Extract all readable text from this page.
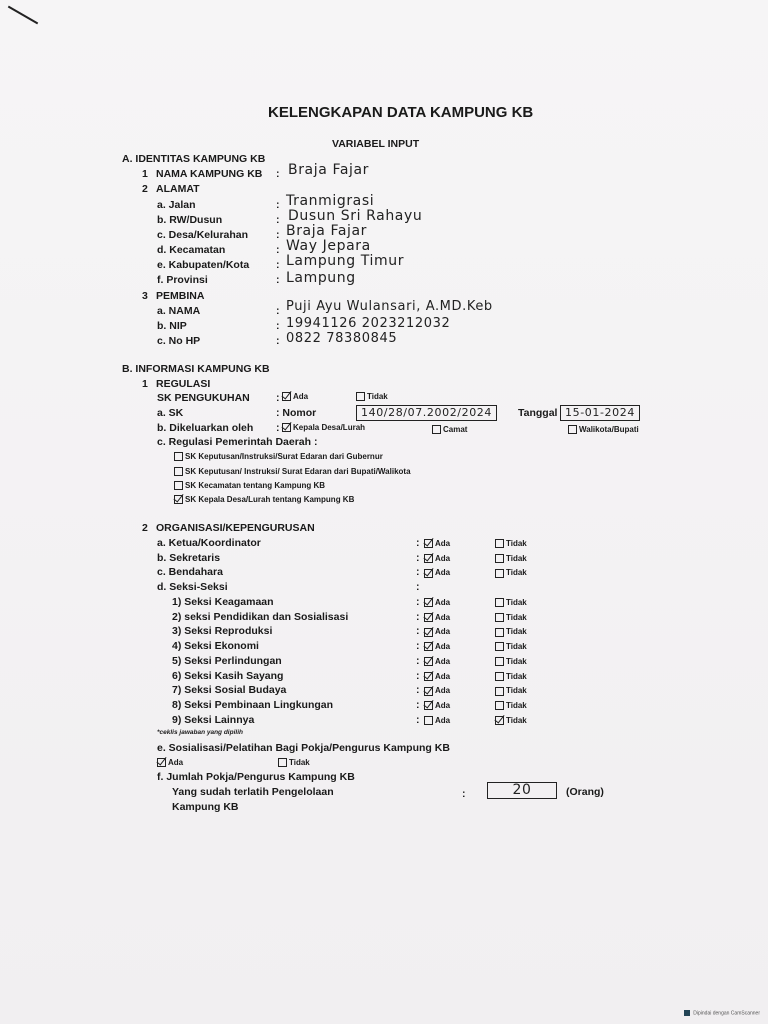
KELENGKAPAN DATA KAMPUNG KB
VARIABEL INPUT
A. IDENTITAS KAMPUNG KB
1 NAMA KAMPUNG KB : Braja Fajar
2 ALAMAT
a. Jalan	: Tranmigrasi
b. RW/Dusun	: Dusun Sri Rahayu
c. Desa/Kelurahan	: Braja Fajar
d. Kecamatan	: Way Jepara
e. Kabupaten/Kota	: Lampung Timur
f. Provinsi	: Lampung
3 PEMBINA
a. NAMA	: Puji Ayu Wulansari, A.MD.Keb
b. NIP	: 19941126 2023212032
c. No HP	: 0822 78380845
B. INFORMASI KAMPUNG KB
1 REGULASI
SK PENGUKUHAN :	Ada	Tidak
a. SK	: Nomor	140/28/07.2002/2024	Tanggal 15-01-2024
b. Dikeluarkan oleh :	Kepala Desa/Lurah	Camat	Walikota/Bupati
c. Regulasi Pemerintah Daerah :
SK Keputusan/Instruksi/Surat Edaran dari Gubernur
SK Keputusan/ Instruksi/ Surat Edaran dari Bupati/Walikota
SK Kecamatan tentang Kampung KB
SK Kepala Desa/Lurah tentang Kampung KB
2 ORGANISASI/KEPENGURUSAN
a. Ketua/Koordinator	:	Ada	Tidak
b. Sekretaris	:	Ada	Tidak
c. Bendahara	:	Ada	Tidak
d. Seksi-Seksi	:
1) Seksi Keagamaan	:	Ada	Tidak
2) seksi Pendidikan dan Sosialisasi	:	Ada	Tidak
3) Seksi Reproduksi	:	Ada	Tidak
4) Seksi Ekonomi	:	Ada	Tidak
5) Seksi Perlindungan	:	Ada	Tidak
6) Seksi Kasih Sayang	:	Ada	Tidak
7) Seksi Sosial Budaya	:	Ada	Tidak
8) Seksi Pembinaan Lingkungan	:	Ada	Tidak
9) Seksi Lainnya	:	Ada	Tidak
*ceklis jawaban yang dipilih
e. Sosialisasi/Pelatihan Bagi Pokja/Pengurus Kampung KB
Ada	Tidak
f. Jumlah Pokja/Pengurus Kampung KB
Yang sudah terlatih Pengelolaan
Kampung KB
:	20	(Orang)
Dipindai dengan CamScanner
